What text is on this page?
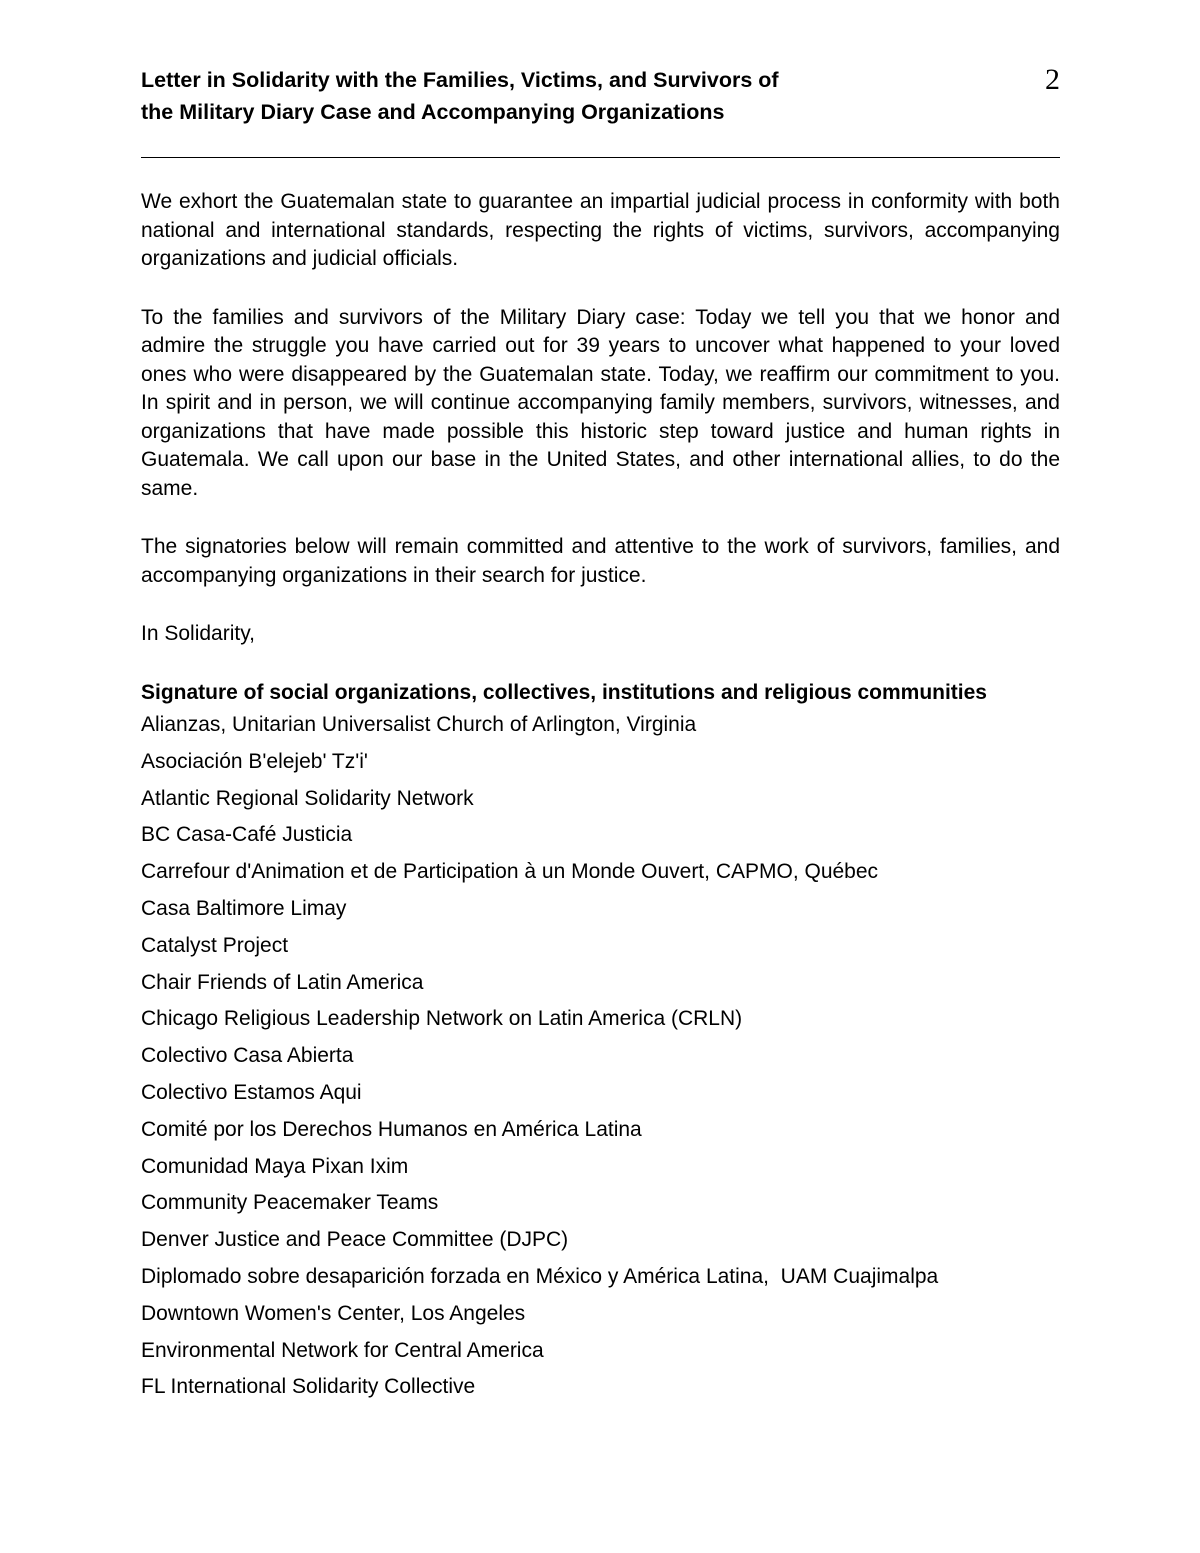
Letter in Solidarity with the Families, Victims, and Survivors of
the Military Diary Case and Accompanying Organizations
2
We exhort the Guatemalan state to guarantee an impartial judicial process in conformity with both
national and international standards, respecting the rights of victims, survivors, accompanying
organizations and judicial officials.
To the families and survivors of the Military Diary case: Today we tell you that we honor and
admire the struggle you have carried out for 39 years to uncover what happened to your loved
ones who were disappeared by the Guatemalan state. Today, we reaffirm our commitment to you.
In spirit and in person, we will continue accompanying family members, survivors, witnesses, and
organizations that have made possible this historic step toward justice and human rights in
Guatemala. We call upon our base in the United States, and other international allies, to do the
same.
The signatories below will remain committed and attentive to the work of survivors, families, and
accompanying organizations in their search for justice.
In Solidarity,
Signature of social organizations, collectives, institutions and religious communities
Alianzas, Unitarian Universalist Church of Arlington, Virginia
Asociación B'elejeb' Tz'i'
Atlantic Regional Solidarity Network
BC Casa-Café Justicia
Carrefour d'Animation et de Participation à un Monde Ouvert, CAPMO, Québec
Casa Baltimore Limay
Catalyst Project
Chair Friends of Latin America
Chicago Religious Leadership Network on Latin America (CRLN)
Colectivo Casa Abierta
Colectivo Estamos Aqui
Comité por los Derechos Humanos en América Latina
Comunidad Maya Pixan Ixim
Community Peacemaker Teams
Denver Justice and Peace Committee (DJPC)
Diplomado sobre desaparición forzada en México y América Latina,  UAM Cuajimalpa
Downtown Women's Center, Los Angeles
Environmental Network for Central America
FL International Solidarity Collective
